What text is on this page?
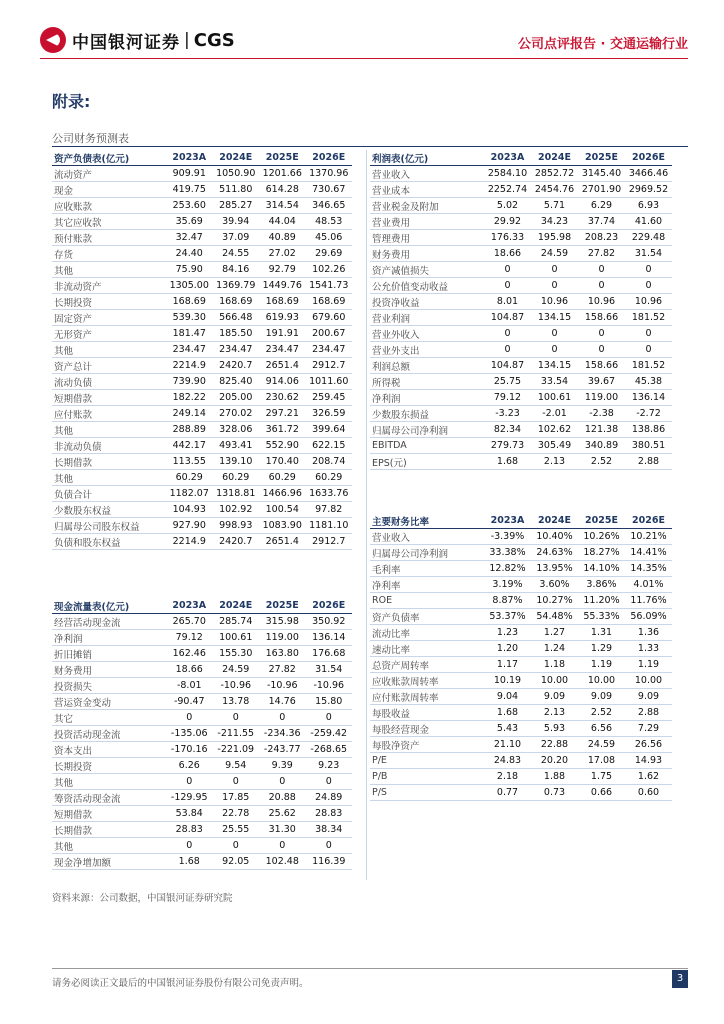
中国银河证券 | CGS	公司点评报告 · 交通运输行业
附录:
公司财务预测表
资产负债表(亿元)	2023A	2024E	2025E	2026E
流动资产	909.91	1050.90	1201.66	1370.96
现金	419.75	511.80	614.28	730.67
应收账款	253.60	285.27	314.54	346.65
其它应收款	35.69	39.94	44.04	48.53
预付账款	32.47	37.09	40.89	45.06
存货	24.40	24.55	27.02	29.69
其他	75.90	84.16	92.79	102.26
非流动资产	1305.00	1369.79	1449.76	1541.73
长期投资	168.69	168.69	168.69	168.69
固定资产	539.30	566.48	619.93	679.60
无形资产	181.47	185.50	191.91	200.67
其他	234.47	234.47	234.47	234.47
资产总计	2214.9	2420.7	2651.4	2912.7
流动负债	739.90	825.40	914.06	1011.60
短期借款	182.22	205.00	230.62	259.45
应付账款	249.14	270.02	297.21	326.59
其他	288.89	328.06	361.72	399.64
非流动负债	442.17	493.41	552.90	622.15
长期借款	113.55	139.10	170.40	208.74
其他	60.29	60.29	60.29	60.29
负债合计	1182.07	1318.81	1466.96	1633.76
少数股东权益	104.93	102.92	100.54	97.82
归属母公司股东权益	927.90	998.93	1083.90	1181.10
负债和股东权益	2214.9	2420.7	2651.4	2912.7
利润表(亿元)	2023A	2024E	2025E	2026E
营业收入	2584.10	2852.72	3145.40	3466.46
营业成本	2252.74	2454.76	2701.90	2969.52
营业税金及附加	5.02	5.71	6.29	6.93
营业费用	29.92	34.23	37.74	41.60
管理费用	176.33	195.98	208.23	229.48
财务费用	18.66	24.59	27.82	31.54
资产减值损失	0	0	0	0
公允价值变动收益	0	0	0	0
投资净收益	8.01	10.96	10.96	10.96
营业利润	104.87	134.15	158.66	181.52
营业外收入	0	0	0	0
营业外支出	0	0	0	0
利润总额	104.87	134.15	158.66	181.52
所得税	25.75	33.54	39.67	45.38
净利润	79.12	100.61	119.00	136.14
少数股东损益	-3.23	-2.01	-2.38	-2.72
归属母公司净利润	82.34	102.62	121.38	138.86
EBITDA	279.73	305.49	340.89	380.51
EPS(元)	1.68	2.13	2.52	2.88
主要财务比率	2023A	2024E	2025E	2026E
营业收入	-3.39%	10.40%	10.26%	10.21%
归属母公司净利润	33.38%	24.63%	18.27%	14.41%
毛利率	12.82%	13.95%	14.10%	14.35%
净利率	3.19%	3.60%	3.86%	4.01%
ROE	8.87%	10.27%	11.20%	11.76%
资产负债率	53.37%	54.48%	55.33%	56.09%
流动比率	1.23	1.27	1.31	1.36
速动比率	1.20	1.24	1.29	1.33
总资产周转率	1.17	1.18	1.19	1.19
应收账款周转率	10.19	10.00	10.00	10.00
应付账款周转率	9.04	9.09	9.09	9.09
每股收益	1.68	2.13	2.52	2.88
每股经营现金	5.43	5.93	6.56	7.29
每股净资产	21.10	22.88	24.59	26.56
P/E	24.83	20.20	17.08	14.93
P/B	2.18	1.88	1.75	1.62
P/S	0.77	0.73	0.66	0.60
现金流量表(亿元)	2023A	2024E	2025E	2026E
经营活动现金流	265.70	285.74	315.98	350.92
净利润	79.12	100.61	119.00	136.14
折旧摊销	162.46	155.30	163.80	176.68
财务费用	18.66	24.59	27.82	31.54
投资损失	-8.01	-10.96	-10.96	-10.96
营运资金变动	-90.47	13.78	14.76	15.80
其它	0	0	0	0
投资活动现金流	-135.06	-211.55	-234.36	-259.42
资本支出	-170.16	-221.09	-243.77	-268.65
长期投资	6.26	9.54	9.39	9.23
其他	0	0	0	0
筹资活动现金流	-129.95	17.85	20.88	24.89
短期借款	53.84	22.78	25.62	28.83
长期借款	28.83	25.55	31.30	38.34
其他	0	0	0	0
现金净增加额	1.68	92.05	102.48	116.39
资料来源：公司数据，中国银河证券研究院
请务必阅读正文最后的中国银河证券股份有限公司免责声明。	3
